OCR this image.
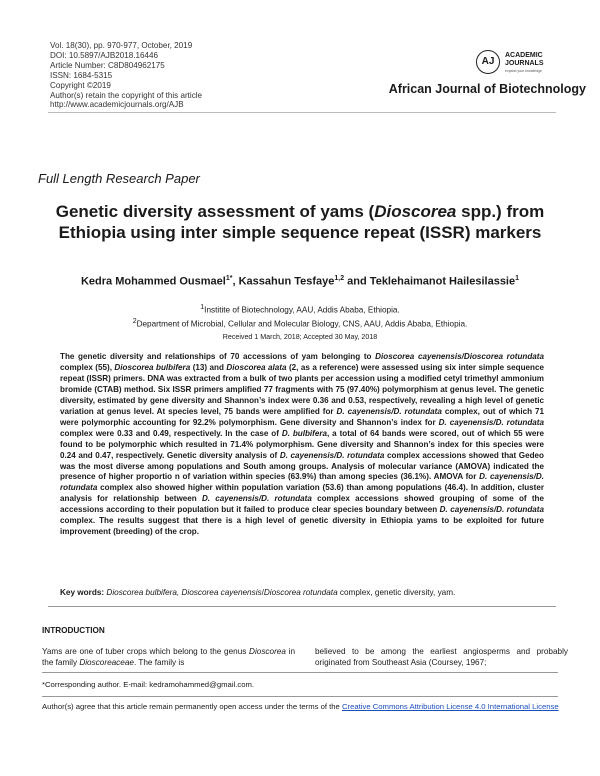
Vol. 18(30), pp. 970-977, October, 2019
DOI: 10.5897/AJB2018.16446
Article Number: C8D804962175
ISSN: 1684-5315
Copyright ©2019
Author(s) retain the copyright of this article
http://www.academicjournals.org/AJB
AJ
ACADEMIC
JOURNALS
expand your knowledge
African Journal of Biotechnology
Full Length Research Paper
Genetic diversity assessment of yams (Dioscorea spp.) from Ethiopia using inter simple sequence repeat (ISSR) markers
Kedra Mohammed Ousmael$^{1*}$, Kassahun Tesfaye$^{1,2}$ and Teklehaimanot Hailesilassie$^1$
$^1$Institite of Biotechnology, AAU, Addis Ababa, Ethiopia.
$^2$Department of Microbial, Cellular and Molecular Biology, CNS, AAU, Addis Ababa, Ethiopia.
Received 1 March, 2018; Accepted 30 May, 2018
The genetic diversity and relationships of 70 accessions of yam belonging to Dioscorea cayenensis/Dioscorea rotundata complex (55), Dioscorea bulbifera (13) and Dioscorea alata (2, as a reference) were assessed using six inter simple sequence repeat (ISSR) primers. DNA was extracted from a bulk of two plants per accession using a modified cetyl trimethyl ammonium bromide (CTAB) method. Six ISSR primers amplified 77 fragments with 75 (97.40%) polymorphism at genus level. The genetic diversity, estimated by gene diversity and Shannon’s index were 0.36 and 0.53, respectively, revealing a high level of genetic variation at genus level. At species level, 75 bands were amplified for D. cayenensis/D. rotundata complex, out of which 71 were polymorphic accounting for 92.2% polymorphism. Gene diversity and Shannon’s index for D. cayenensis/D. rotundata complex were 0.33 and 0.49, respectively. In the case of D. bulbifera, a total of 64 bands were scored, out of which 55 were found to be polymorphic which resulted in 71.4% polymorphism. Gene diversity and Shannon’s index for this species were 0.24 and 0.47, respectively. Genetic diversity analysis of D. cayenensis/D. rotundata complex accessions showed that Gedeo was the most diverse among populations and South among groups. Analysis of molecular variance (AMOVA) indicated the presence of higher proportio n of variation within species (63.9%) than among species (36.1%). AMOVA for D. cayenensis/D. rotundata complex also showed higher within population variation (53.6) than among populations (46.4). In addition, cluster analysis for relationship between D. cayenensis/D. rotundata complex accessions showed grouping of some of the accessions according to their population but it failed to produce clear species boundary between D. cayenensis/D. rotundata complex. The results suggest that there is a high level of genetic diversity in Ethiopia yams to be exploited for future improvement (breeding) of the crop.
Key words: Dioscorea bulbifera, Dioscorea cayenensis/Dioscorea rotundata complex, genetic diversity, yam.
INTRODUCTION
Yams are one of tuber crops which belong to the genus Dioscorea in the family Dioscoreaceae. The family is
believed to be among the earliest angiosperms and probably originated from Southeast Asia (Coursey, 1967;
*Corresponding author. E-mail: kedramohammed@gmail.com.
Author(s) agree that this article remain permanently open access under the terms of the Creative Commons Attribution License 4.0 International License
